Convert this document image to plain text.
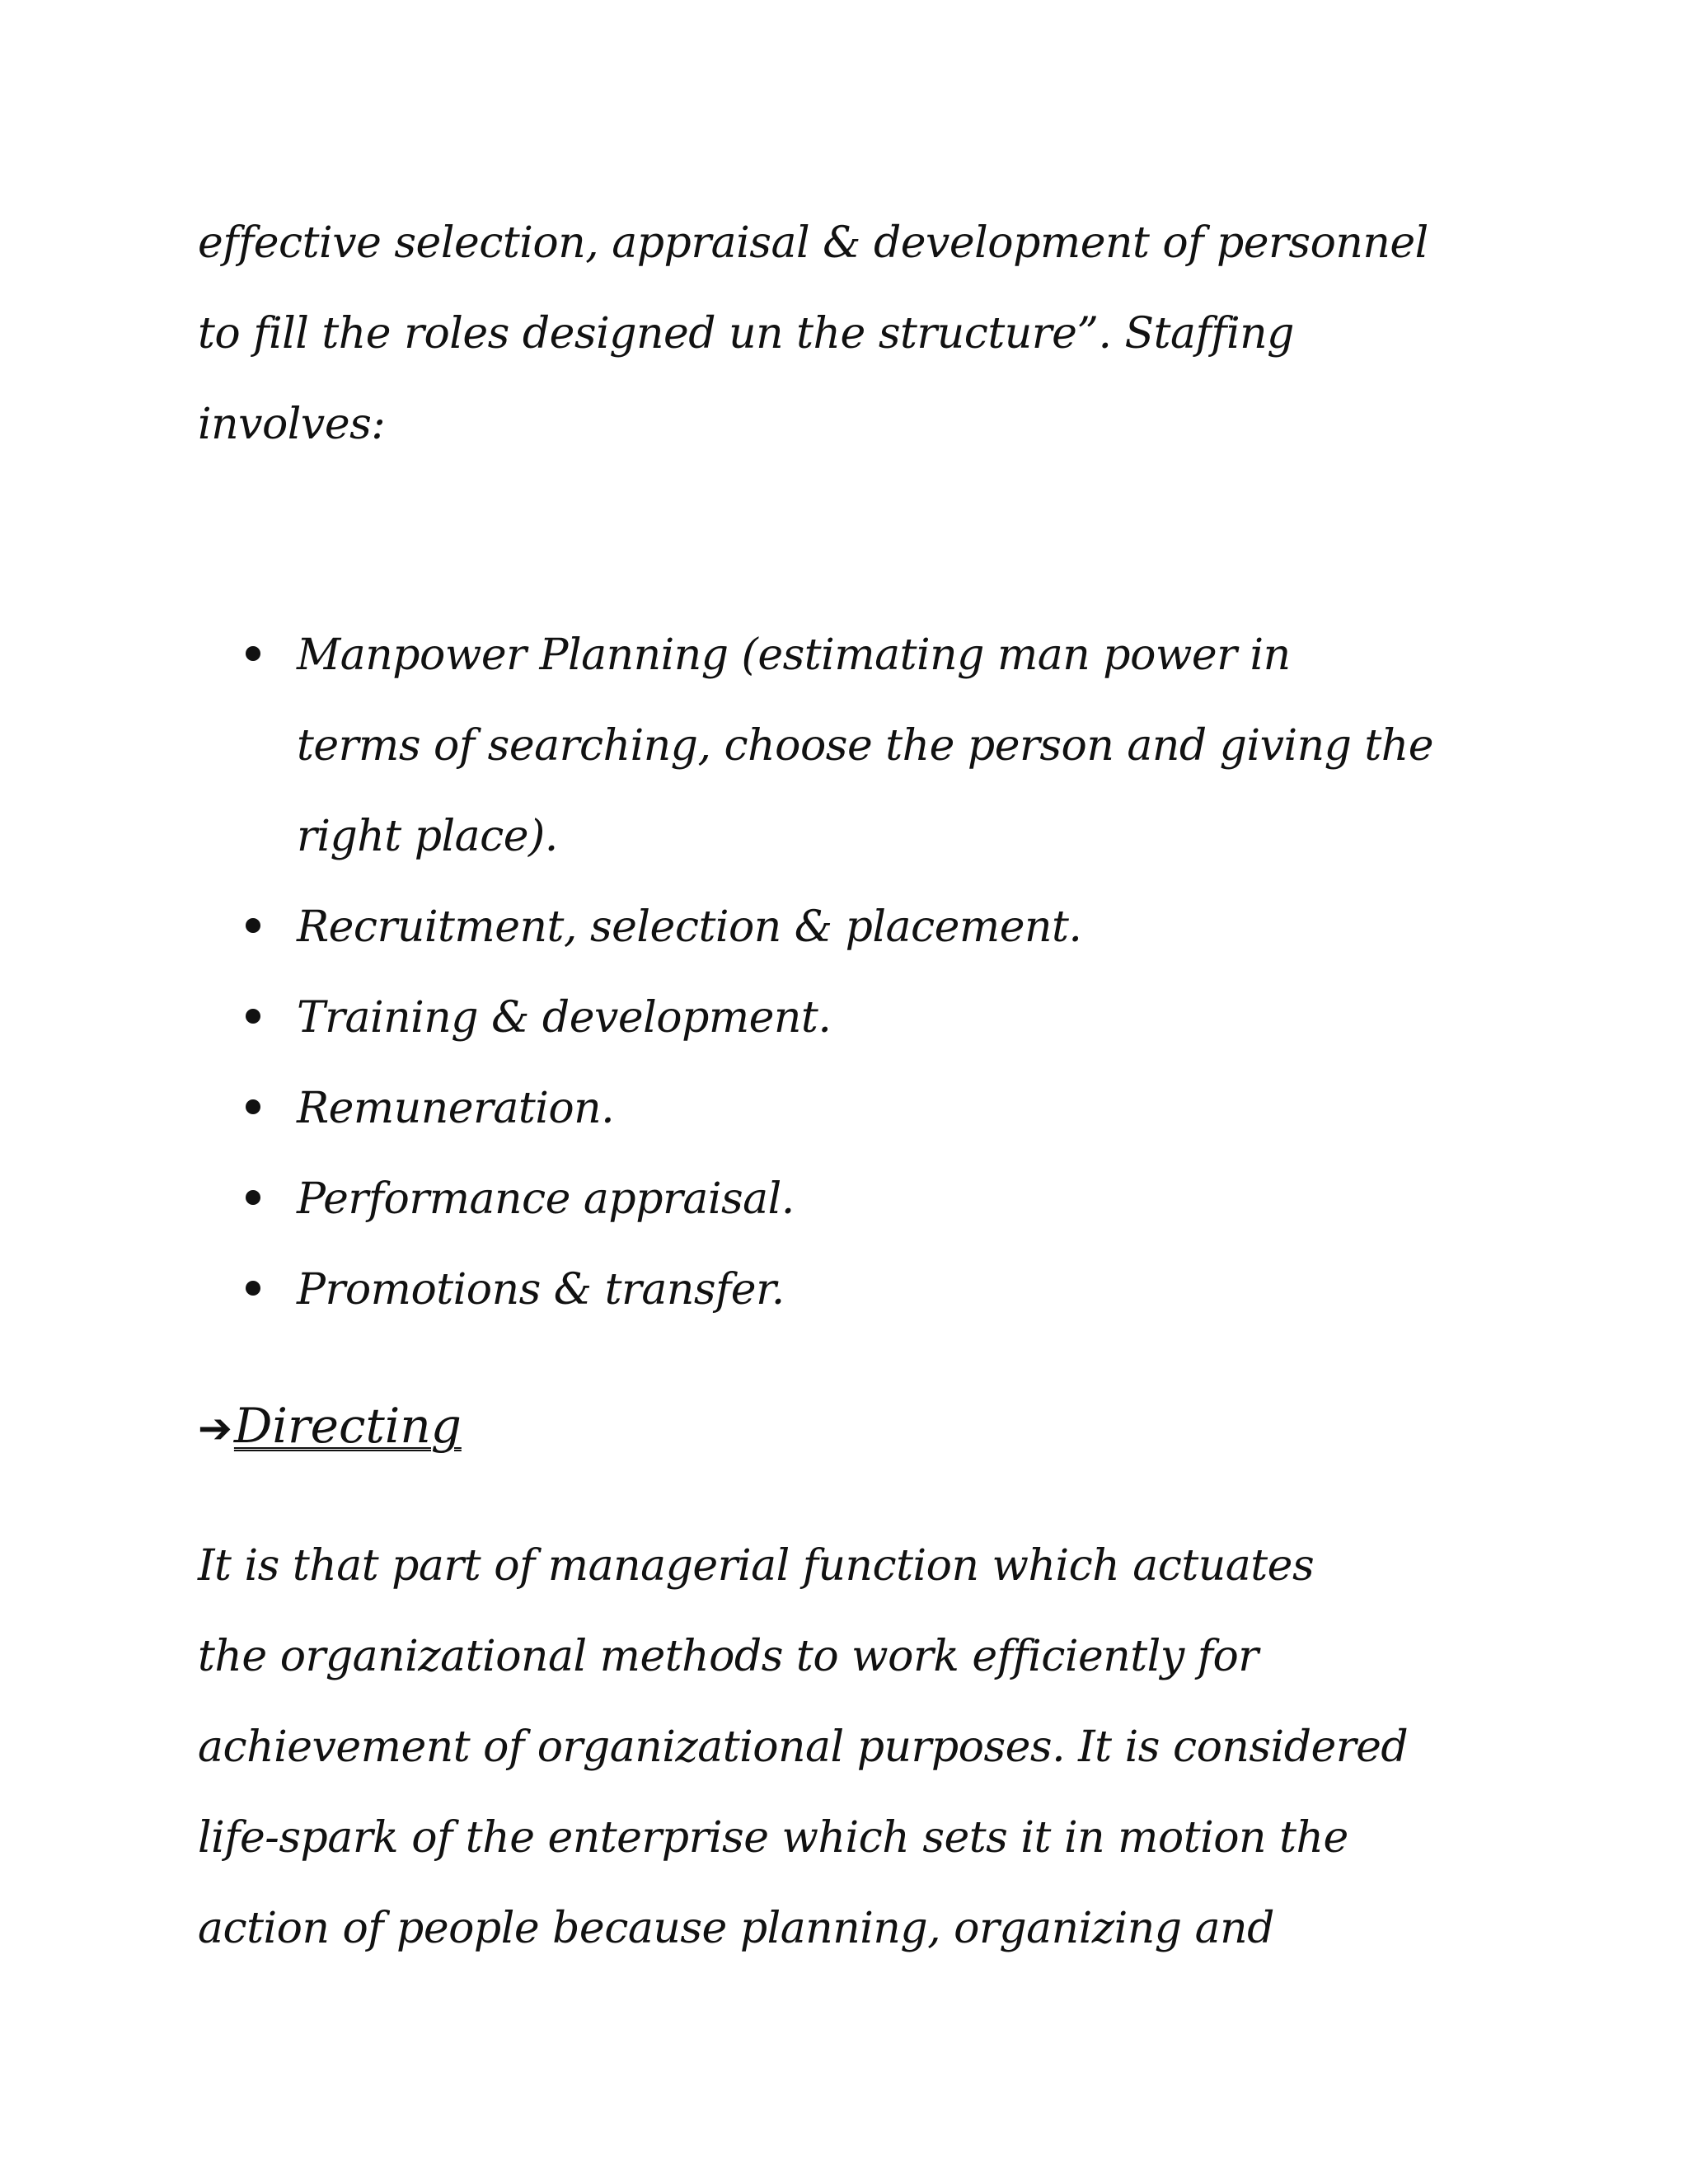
effective selection, appraisal & development of personnel
to fill the roles designed un the structure”. Staffing
involves:

Manpower Planning (estimating man power in
terms of searching, choose the person and giving the
right place).
Recruitment, selection & placement.
Training & development.
Remuneration.
Performance appraisal.
Promotions & transfer.
➔Directing

It is that part of managerial function which actuates
the organizational methods to work efficiently for
achievement of organizational purposes. It is considered
life-spark of the enterprise which sets it in motion the
action of people because planning, organizing and
